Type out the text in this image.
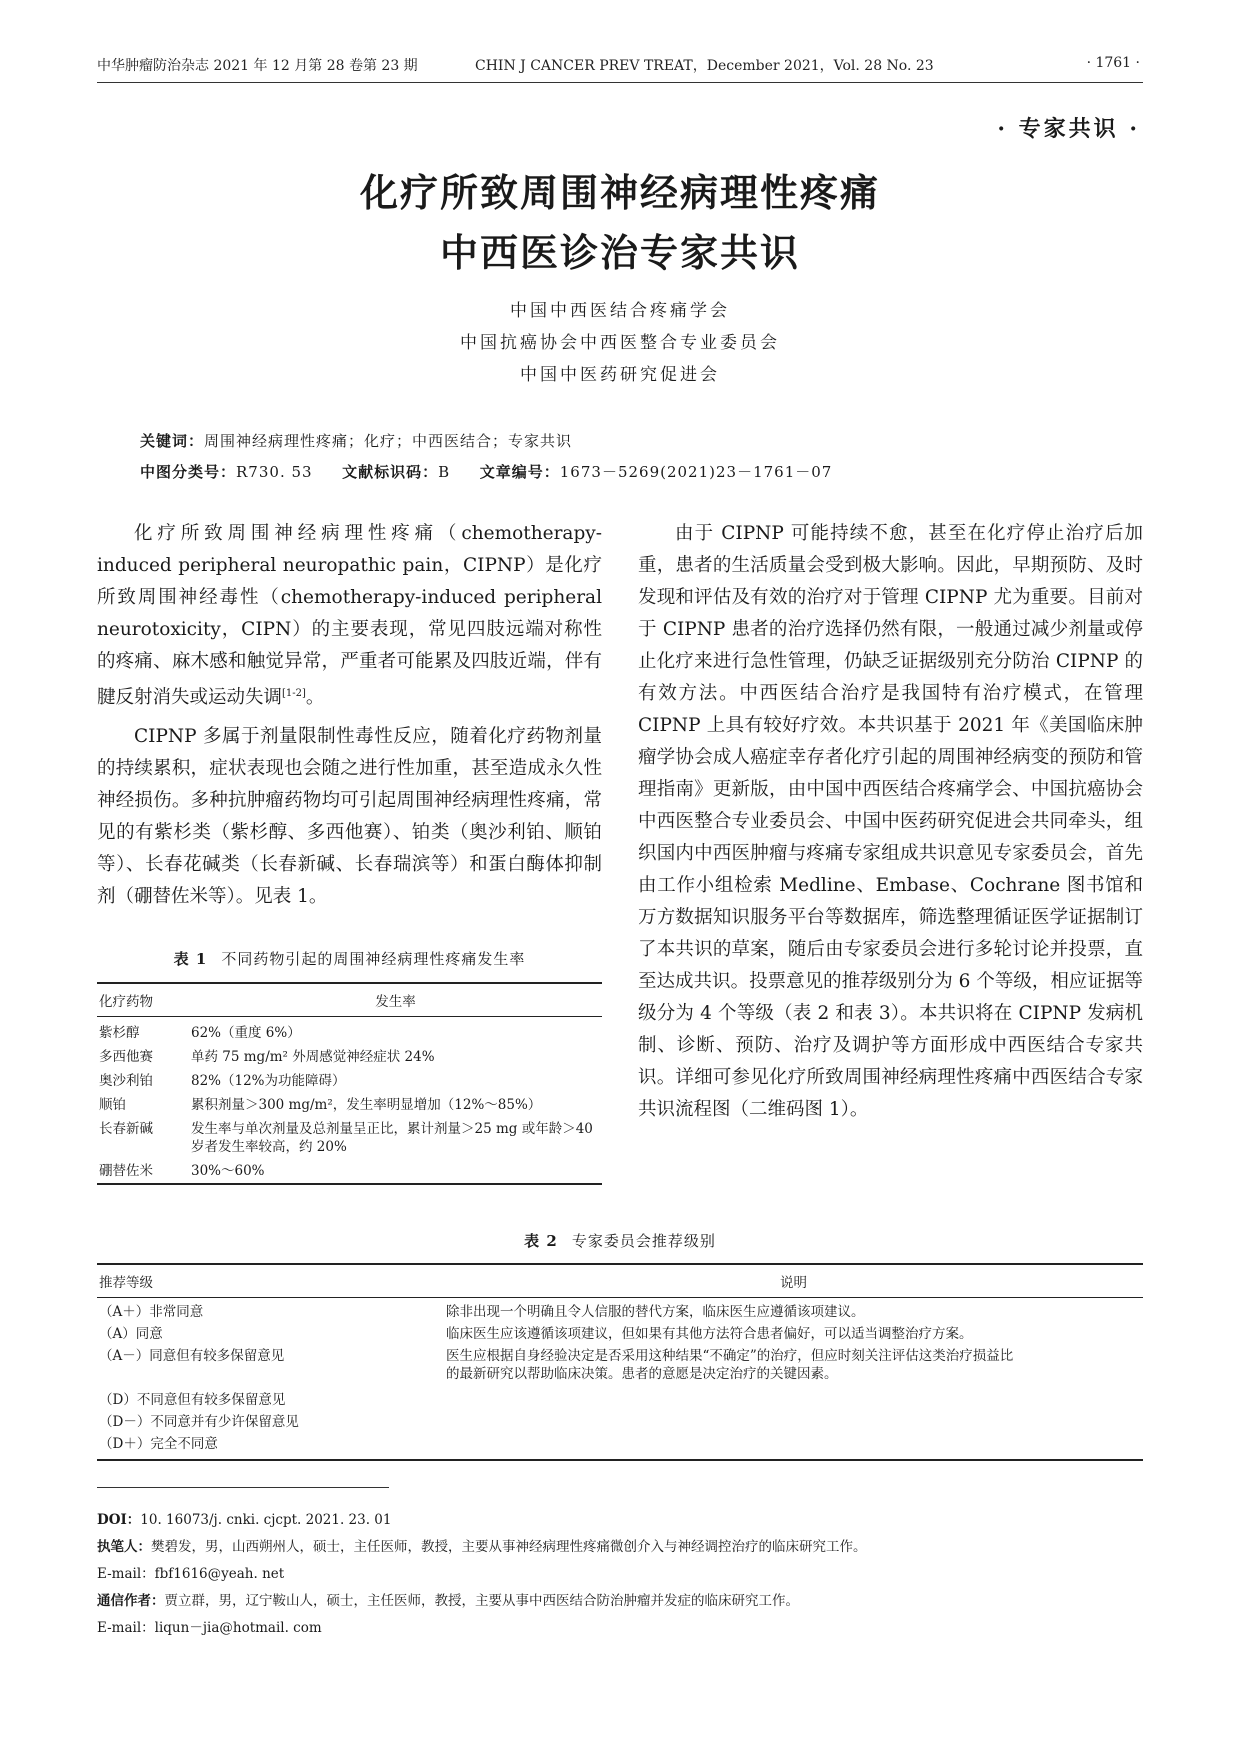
中华肿瘤防治杂志 2021 年 12 月第 28 卷第 23 期	CHIN J CANCER PREV TREAT，December 2021，Vol. 28 No. 23	· 1761 ·
· 专家共识 ·
化疗所致周围神经病理性疼痛
中西医诊治专家共识
中国中西医结合疼痛学会
中国抗癌协会中西医整合专业委员会
中国中医药研究促进会
关键词：周围神经病理性疼痛；化疗；中西医结合；专家共识
中图分类号：R730. 53 文献标识码：B 文章编号：1673－5269(2021)23－1761－07

化疗所致周围神经病理性疼痛（chemotherapy-induced peripheral neuropathic pain，CIPNP）是化疗所致周围神经毒性（chemotherapy-induced peripheral neurotoxicity，CIPN）的主要表现，常见四肢远端对称性的疼痛、麻木感和触觉异常，严重者可能累及四肢近端，伴有腱反射消失或运动失调[1-2]。

CIPNP 多属于剂量限制性毒性反应，随着化疗药物剂量的持续累积，症状表现也会随之进行性加重，甚至造成永久性神经损伤。多种抗肿瘤药物均可引起周围神经病理性疼痛，常见的有紫杉类（紫杉醇、多西他赛）、铂类（奥沙利铂、顺铂等）、长春花碱类（长春新碱、长春瑞滨等）和蛋白酶体抑制剂（硼替佐米等）。见表 1。

表 1 不同药物引起的周围神经病理性疼痛发生率
化疗药物	发生率
紫杉醇	62%（重度 6%）
多西他赛	单药 75 mg/m² 外周感觉神经症状 24%
奥沙利铂	82%（12%为功能障碍）
顺铂	累积剂量＞300 mg/m²，发生率明显增加（12%～85%）
长春新碱	发生率与单次剂量及总剂量呈正比，累计剂量＞25 mg 或年龄＞40 岁者发生率较高，约 20%
硼替佐米	30%～60%

由于 CIPNP 可能持续不愈，甚至在化疗停止治疗后加重，患者的生活质量会受到极大影响。因此，早期预防、及时发现和评估及有效的治疗对于管理 CIPNP 尤为重要。目前对于 CIPNP 患者的治疗选择仍然有限，一般通过减少剂量或停止化疗来进行急性管理，仍缺乏证据级别充分防治 CIPNP 的有效方法。中西医结合治疗是我国特有治疗模式，在管理 CIPNP 上具有较好疗效。本共识基于 2021 年《美国临床肿瘤学协会成人癌症幸存者化疗引起的周围神经病变的预防和管理指南》更新版，由中国中西医结合疼痛学会、中国抗癌协会中西医整合专业委员会、中国中医药研究促进会共同牵头，组织国内中西医肿瘤与疼痛专家组成共识意见专家委员会，首先由工作小组检索 Medline、Embase、Cochrane 图书馆和万方数据知识服务平台等数据库，筛选整理循证医学证据制订了本共识的草案，随后由专家委员会进行多轮讨论并投票，直至达成共识。投票意见的推荐级别分为 6 个等级，相应证据等级分为 4 个等级（表 2 和表 3）。本共识将在 CIPNP 发病机制、诊断、预防、治疗及调护等方面形成中西医结合专家共识。详细可参见化疗所致周围神经病理性疼痛中西医结合专家共识流程图（二维码图 1）。

表 2 专家委员会推荐级别
推荐等级	说明
（A＋）非常同意	除非出现一个明确且令人信服的替代方案，临床医生应遵循该项建议。
（A）同意	临床医生应该遵循该项建议，但如果有其他方法符合患者偏好，可以适当调整治疗方案。
（A－）同意但有较多保留意见	医生应根据自身经验决定是否采用这种结果“不确定”的治疗，但应时刻关注评估这类治疗损益比的最新研究以帮助临床决策。患者的意愿是决定治疗的关键因素。
（D）不同意但有较多保留意见	
（D－）不同意并有少许保留意见	
（D＋）完全不同意	
DOI：10. 16073/j. cnki. cjcpt. 2021. 23. 01
执笔人：樊碧发，男，山西朔州人，硕士，主任医师，教授，主要从事神经病理性疼痛微创介入与神经调控治疗的临床研究工作。
E-mail：fbf1616@yeah. net
通信作者：贾立群，男，辽宁鞍山人，硕士，主任医师，教授，主要从事中西医结合防治肿瘤并发症的临床研究工作。
E-mail：liqun－jia@hotmail. com
